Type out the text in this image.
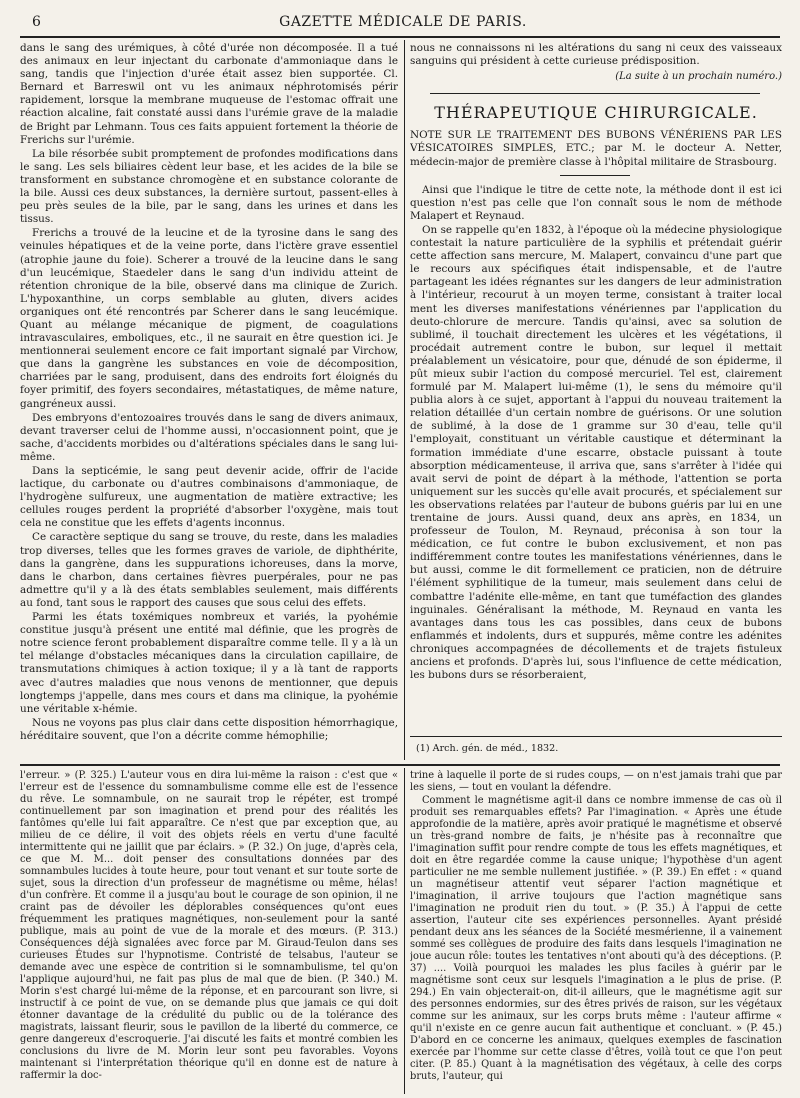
6	GAZETTE MÉDICALE DE PARIS.

dans le sang des urémiques, à côté d'urée non décomposée. Il a tué des animaux en leur injectant du carbonate d'ammoniaque dans le sang, tandis que l'injection d'urée était assez bien supportée. Cl. Bernard et Barreswil ont vu les animaux néphrotomisés périr rapidement, lorsque la membrane muqueuse de l'estomac offrait une réaction alcaline, fait constaté aussi dans l'urémie grave de la maladie de Bright par Lehmann. Tous ces faits appuient fortement la théorie de Frerichs sur l'urémie.

La bile résorbée subit promptement de profondes modifications dans le sang. Les sels biliaires cèdent leur base, et les acides de la bile se transforment en substance chromogène et en substance colorante de la bile. Aussi ces deux substances, la dernière surtout, passent-elles à peu près seules de la bile, par le sang, dans les urines et dans les tissus.

Frerichs a trouvé de la leucine et de la tyrosine dans le sang des veinules hépatiques et de la veine porte, dans l'ictère grave essentiel (atrophie jaune du foie). Scherer a trouvé de la leucine dans le sang d'un leucémique, Staedeler dans le sang d'un individu atteint de rétention chronique de la bile, observé dans ma clinique de Zurich. L'hypoxanthine, un corps semblable au gluten, divers acides organiques ont été rencontrés par Scherer dans le sang leucémique. Quant au mélange mécanique de pigment, de coagulations intravasculaires, emboliques, etc., il ne saurait en être question ici. Je mentionnerai seulement encore ce fait important signalé par Virchow, que dans la gangrène les substances en voie de décomposition, charriées par le sang, produisent, dans des endroits fort éloignés du foyer primitif, des foyers secondaires, métastatiques, de même nature, gangréneux aussi.

Des embryons d'entozoaires trouvés dans le sang de divers animaux, devant traverser celui de l'homme aussi, n'occasionnent point, que je sache, d'accidents morbides ou d'altérations spéciales dans le sang lui-même.

Dans la septicémie, le sang peut devenir acide, offrir de l'acide lactique, du carbonate ou d'autres combinaisons d'ammoniaque, de l'hydrogène sulfureux, une augmentation de matière extractive; les cellules rouges perdent la propriété d'absorber l'oxygène, mais tout cela ne constitue que les effets d'agents inconnus.

Ce caractère septique du sang se trouve, du reste, dans les maladies trop diverses, telles que les formes graves de variole, de diphthérite, dans la gangrène, dans les suppurations ichoreuses, dans la morve, dans le charbon, dans certaines fièvres puerpérales, pour ne pas admettre qu'il y a là des états semblables seulement, mais différents au fond, tant sous le rapport des causes que sous celui des effets.

Parmi les états toxémiques nombreux et variés, la pyohémie constitue jusqu'à présent une entité mal définie, que les progrès de notre science feront probablement disparaître comme telle. Il y a là un tel mélange d'obstacles mécaniques dans la circulation capillaire, de transmutations chimiques à action toxique; il y a là tant de rapports avec d'autres maladies que nous venons de mentionner, que depuis longtemps j'appelle, dans mes cours et dans ma clinique, la pyohémie une véritable x-hémie.

Nous ne voyons pas plus clair dans cette disposition hémorrhagique, héréditaire souvent, que l'on a décrite comme hémophilie;

nous ne connaissons ni les altérations du sang ni ceux des vaisseaux sanguins qui président à cette curieuse prédisposition.

(La suite à un prochain numéro.)
THÉRAPEUTIQUE CHIRURGICALE.

NOTE SUR LE TRAITEMENT DES BUBONS VÉNÉRIENS PAR LES VÉSICATOIRES SIMPLES, ETC.; par M. le docteur A. Netter, médecin-major de première classe à l'hôpital militaire de Strasbourg.

Ainsi que l'indique le titre de cette note, la méthode dont il est ici question n'est pas celle que l'on connaît sous le nom de méthode Malapert et Reynaud.

On se rappelle qu'en 1832, à l'époque où la médecine physiologique contestait la nature particulière de la syphilis et prétendait guérir cette affection sans mercure, M. Malapert, convaincu d'une part que le recours aux spécifiques était indispensable, et de l'autre partageant les idées régnantes sur les dangers de leur administration à l'intérieur, recourut à un moyen terme, consistant à traiter local ment les diverses manifestations vénériennes par l'application du deuto-chlorure de mercure. Tandis qu'ainsi, avec sa solution de sublimé, il touchait directement les ulcères et les végétations, il procédait autrement contre le bubon, sur lequel il mettait préalablement un vésicatoire, pour que, dénudé de son épiderme, il pût mieux subir l'action du composé mercuriel. Tel est, clairement formulé par M. Malapert lui-même (1), le sens du mémoire qu'il publia alors à ce sujet, apportant à l'appui du nouveau traitement la relation détaillée d'un certain nombre de guérisons. Or une solution de sublimé, à la dose de 1 gramme sur 30 d'eau, telle qu'il l'employait, constituant un véritable caustique et déterminant la formation immédiate d'une escarre, obstacle puissant à toute absorption médicamenteuse, il arriva que, sans s'arrêter à l'idée qui avait servi de point de départ à la méthode, l'attention se porta uniquement sur les succès qu'elle avait procurés, et spécialement sur les observations relatées par l'auteur de bubons guéris par lui en une trentaine de jours. Aussi quand, deux ans après, en 1834, un professeur de Toulon, M. Reynaud, préconisa à son tour la médication, ce fut contre le bubon exclusivement, et non pas indifféremment contre toutes les manifestations vénériennes, dans le but aussi, comme le dit formellement ce praticien, non de détruire l'élément syphilitique de la tumeur, mais seulement dans celui de combattre l'adénite elle-même, en tant que tuméfaction des glandes inguinales. Généralisant la méthode, M. Reynaud en vanta les avantages dans tous les cas possibles, dans ceux de bubons enflammés et indolents, durs et suppurés, même contre les adénites chroniques accompagnées de décollements et de trajets fistuleux anciens et profonds. D'après lui, sous l'influence de cette médication, les bubons durs se résorberaient,

(1) Arch. gén. de méd., 1832.

l'erreur. » (P. 325.) L'auteur vous en dira lui-même la raison : c'est que « l'erreur est de l'essence du somnambulisme comme elle est de l'essence du rêve. Le somnambule, on ne saurait trop le répéter, est trompé continuellement par son imagination et prend pour des réalités les fantômes qu'elle lui fait apparaître. Ce n'est que par exception que, au milieu de ce délire, il voit des objets réels en vertu d'une faculté intermittente qui ne jaillit que par éclairs. » (P. 32.) On juge, d'après cela, ce que M. M... doit penser des consultations données par des somnambules lucides à toute heure, pour tout venant et sur toute sorte de sujet, sous la direction d'un professeur de magnétisme ou même, hélas! d'un confrère. Et comme il a jusqu'au bout le courage de son opinion, il ne craint pas de dévoiler les déplorables conséquences qu'ont eues fréquemment les pratiques magnétiques, non-seulement pour la santé publique, mais au point de vue de la morale et des mœurs. (P. 313.) Conséquences déjà signalées avec force par M. Giraud-Teulon dans ses curieuses Études sur l'hypnotisme. Contristé de telsabus, l'auteur se demande avec une espèce de contrition si le somnambulisme, tel qu'on l'applique aujourd'hui, ne fait pas plus de mal que de bien. (P. 340.) M. Morin s'est chargé lui-même de la réponse, et en parcourant son livre, si instructif à ce point de vue, on se demande plus que jamais ce qui doit étonner davantage de la crédulité du public ou de la tolérance des magistrats, laissant fleurir, sous le pavillon de la liberté du commerce, ce genre dangereux d'escroquerie. J'ai discuté les faits et montré combien les conclusions du livre de M. Morin leur sont peu favorables. Voyons maintenant si l'interprétation théorique qu'il en donne est de nature à raffermir la doc-

trine à laquelle il porte de si rudes coups, — on n'est jamais trahi que par les siens, — tout en voulant la défendre.

Comment le magnétisme agit-il dans ce nombre immense de cas où il produit ses remarquables effets? Par l'imagination. « Après une étude approfondie de la matière, après avoir pratiqué le magnétisme et observé un très-grand nombre de faits, je n'hésite pas à reconnaître que l'imagination suffit pour rendre compte de tous les effets magnétiques, et doit en être regardée comme la cause unique; l'hypothèse d'un agent particulier ne me semble nullement justifiée. » (P. 39.) En effet : « quand un magnétiseur attentif veut séparer l'action magnétique et l'imagination, il arrive toujours que l'action magnétique sans l'imagination ne produit rien du tout. » (P. 35.) À l'appui de cette assertion, l'auteur cite ses expériences personnelles. Ayant présidé pendant deux ans les séances de la Société mesmérienne, il a vainement sommé ses collègues de produire des faits dans lesquels l'imagination ne joue aucun rôle: toutes les tentatives n'ont abouti qu'à des déceptions. (P. 37) .... Voilà pourquoi les malades les plus faciles à guérir par le magnétisme sont ceux sur lesquels l'imagination a le plus de prise. (P. 294.) En vain objecterait-on, dit-il ailleurs, que le magnétisme agit sur des personnes endormies, sur des êtres privés de raison, sur les végétaux comme sur les animaux, sur les corps bruts même : l'auteur affirme « qu'il n'existe en ce genre aucun fait authentique et concluant. » (P. 45.) D'abord en ce concerne les animaux, quelques exemples de fascination exercée par l'homme sur cette classe d'êtres, voilà tout ce que l'on peut citer. (P. 85.) Quant à la magnétisation des végétaux, à celle des corps bruts, l'auteur, qui
